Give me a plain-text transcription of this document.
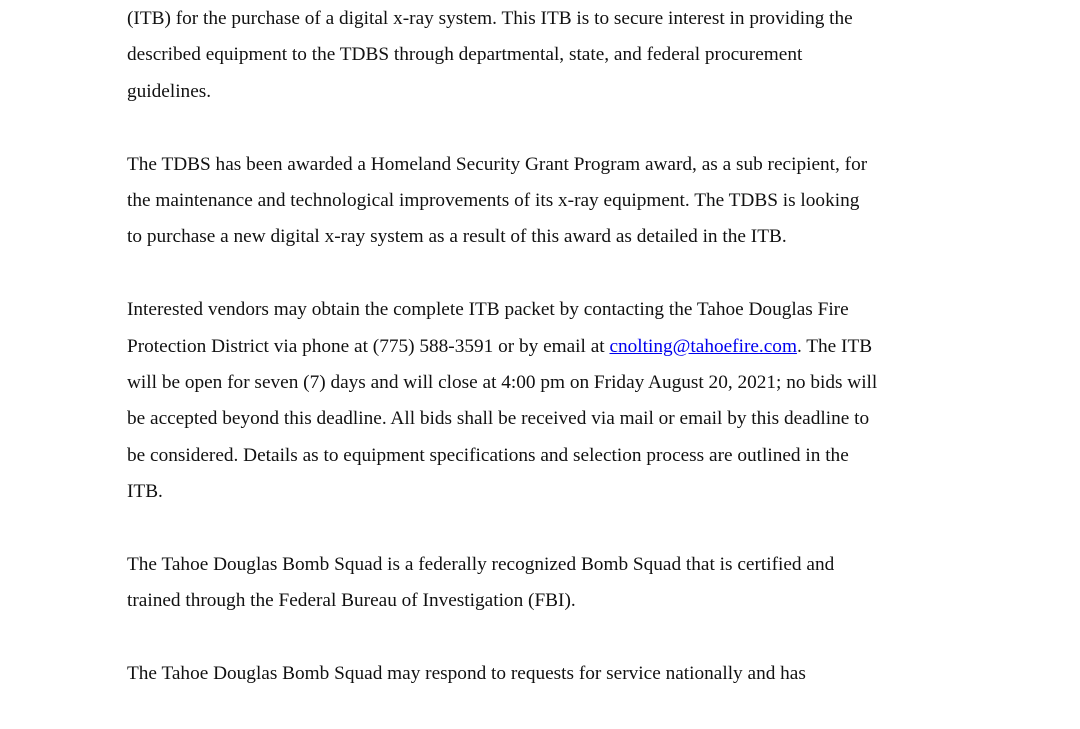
(ITB) for the purchase of a digital x-ray system. This ITB is to secure interest in providing the
described equipment to the TDBS through departmental, state, and federal procurement
guidelines.
The TDBS has been awarded a Homeland Security Grant Program award, as a sub recipient, for
the maintenance and technological improvements of its x-ray equipment. The TDBS is looking
to purchase a new digital x-ray system as a result of this award as detailed in the ITB.
Interested vendors may obtain the complete ITB packet by contacting the Tahoe Douglas Fire
Protection District via phone at (775) 588-3591 or by email at cnolting@tahoefire.com. The ITB
will be open for seven (7) days and will close at 4:00 pm on Friday August 20, 2021; no bids will
be accepted beyond this deadline. All bids shall be received via mail or email by this deadline to
be considered. Details as to equipment specifications and selection process are outlined in the
ITB.
The Tahoe Douglas Bomb Squad is a federally recognized Bomb Squad that is certified and
trained through the Federal Bureau of Investigation (FBI).
The Tahoe Douglas Bomb Squad may respond to requests for service nationally and has
